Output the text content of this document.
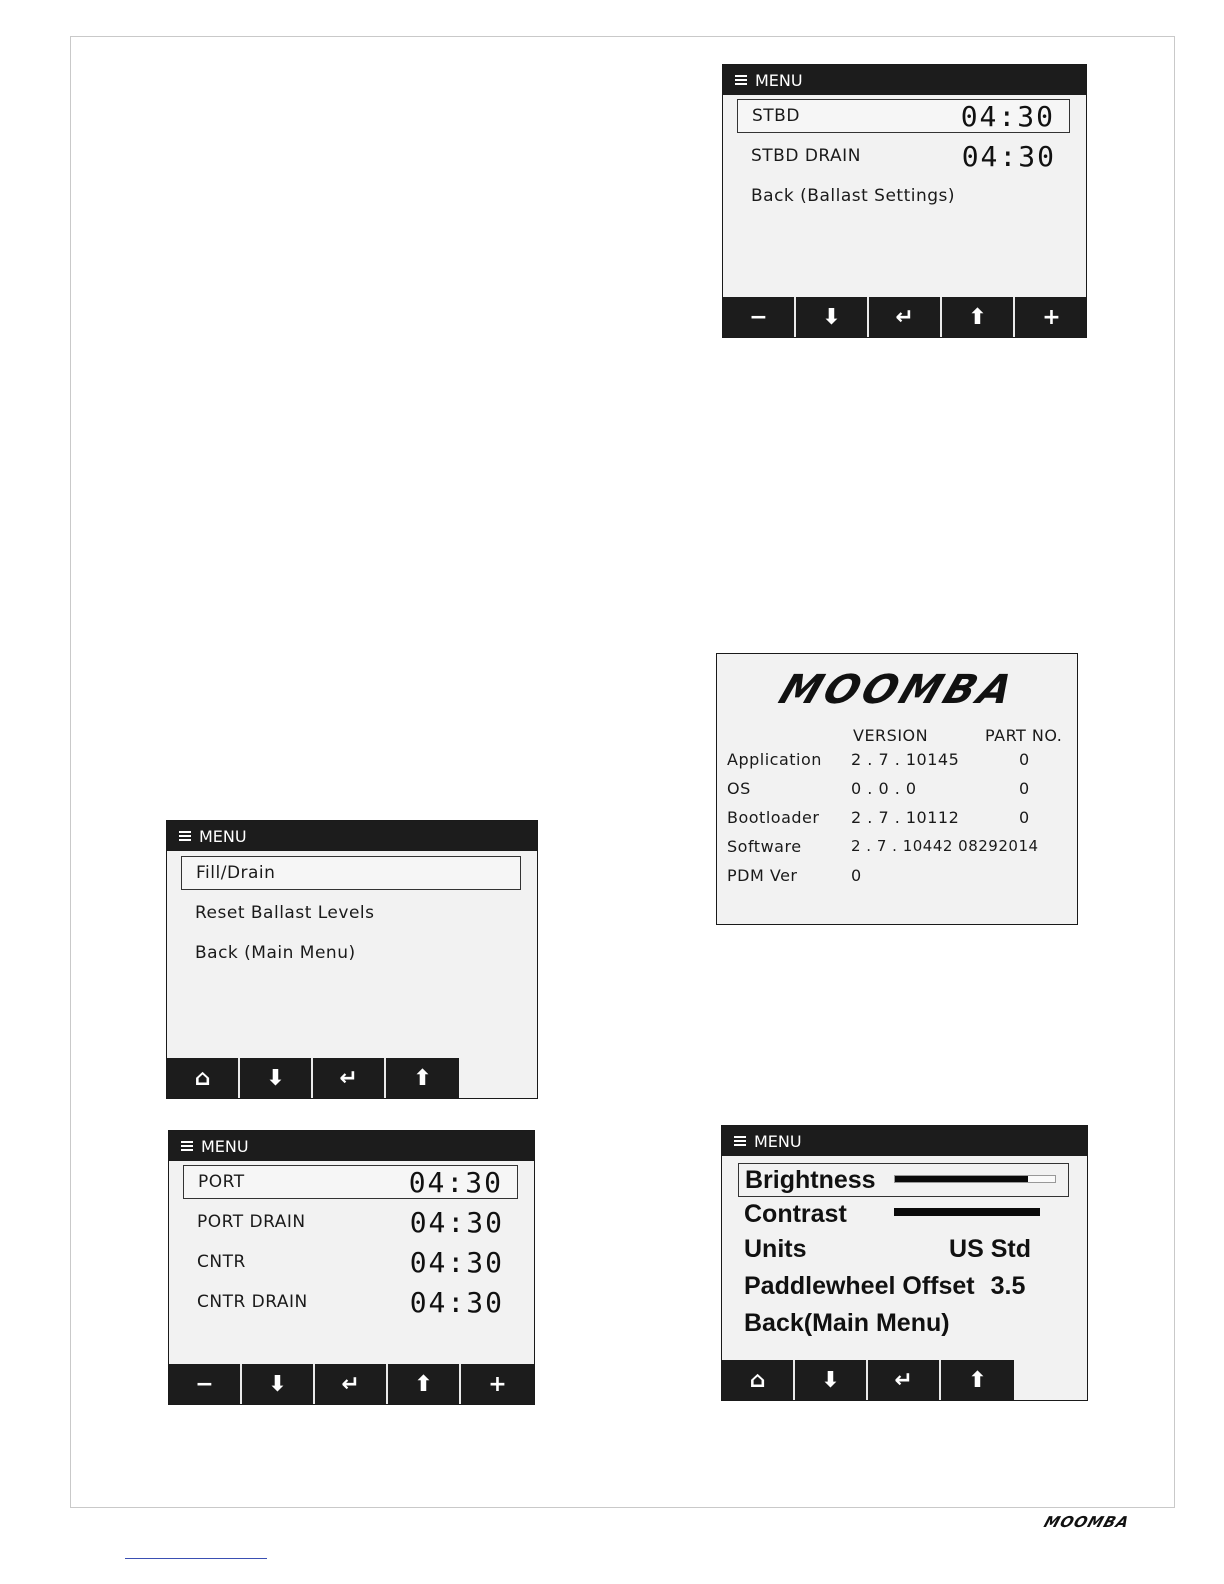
MENU
STBD	04:30
STBD DRAIN	04:30
Back (Ballast Settings)
− ⬇ ↵ ⬆	+
MOOMBA
VERSION	PART NO.
Application 2 . 7 . 10145	0
OS	0 . 0 . 0	0
Bootloader 2 . 7 . 10112	0
Software	2 . 7 . 10442 08292014
PDM Ver	0
MENU
Fill/Drain
Reset Ballast Levels
Back (Main Menu)
⌂	⬇ ↵	⬆
MENU
PORT	04:30
PORT DRAIN	04:30
CNTR	04:30
CNTR DRAIN	04:30
− ⬇ ↵ ⬆	+
MENU
Brightness
Contrast
Units	US Std
Paddlewheel Offset 3.5
Back(Main Menu)
⌂	⬇ ↵	⬆
MOOMBA
